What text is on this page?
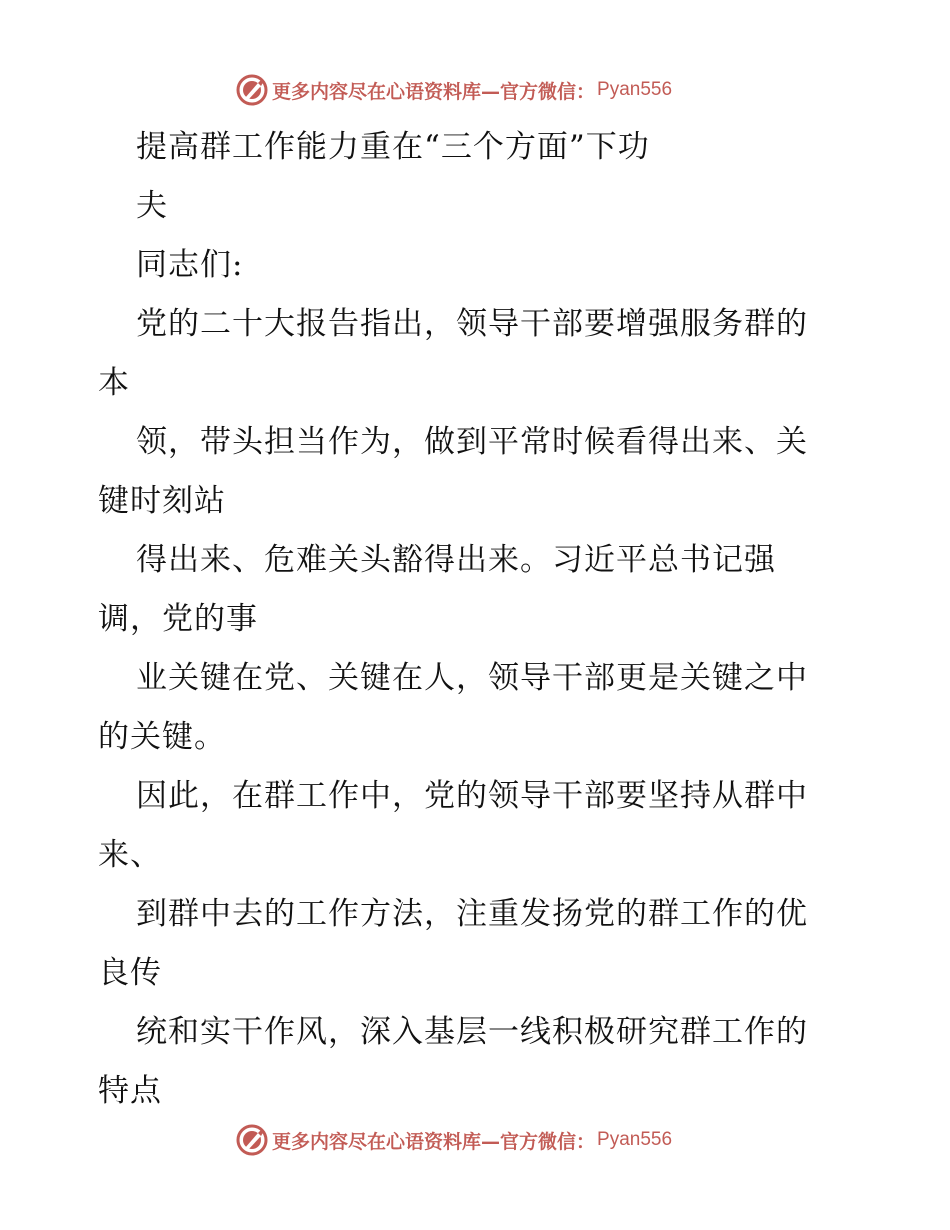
更多内容尽在心语资料库—官方微信： Pyan556
提高群工作能力重在“三个方面”下功
夫
同志们:
党的二十大报告指出，领导干部要增强服务群的
本
领，带头担当作为，做到平常时候看得出来、关
键时刻站
得出来、危难关头豁得出来。习近平总书记强
调，党的事
业关键在党、关键在人，领导干部更是关键之中
的关键。
因此，在群工作中，党的领导干部要坚持从群中
来、
到群中去的工作方法，注重发扬党的群工作的优
良传
统和实干作风，深入基层一线积极研究群工作的
特点
更多内容尽在心语资料库—官方微信： Pyan556
